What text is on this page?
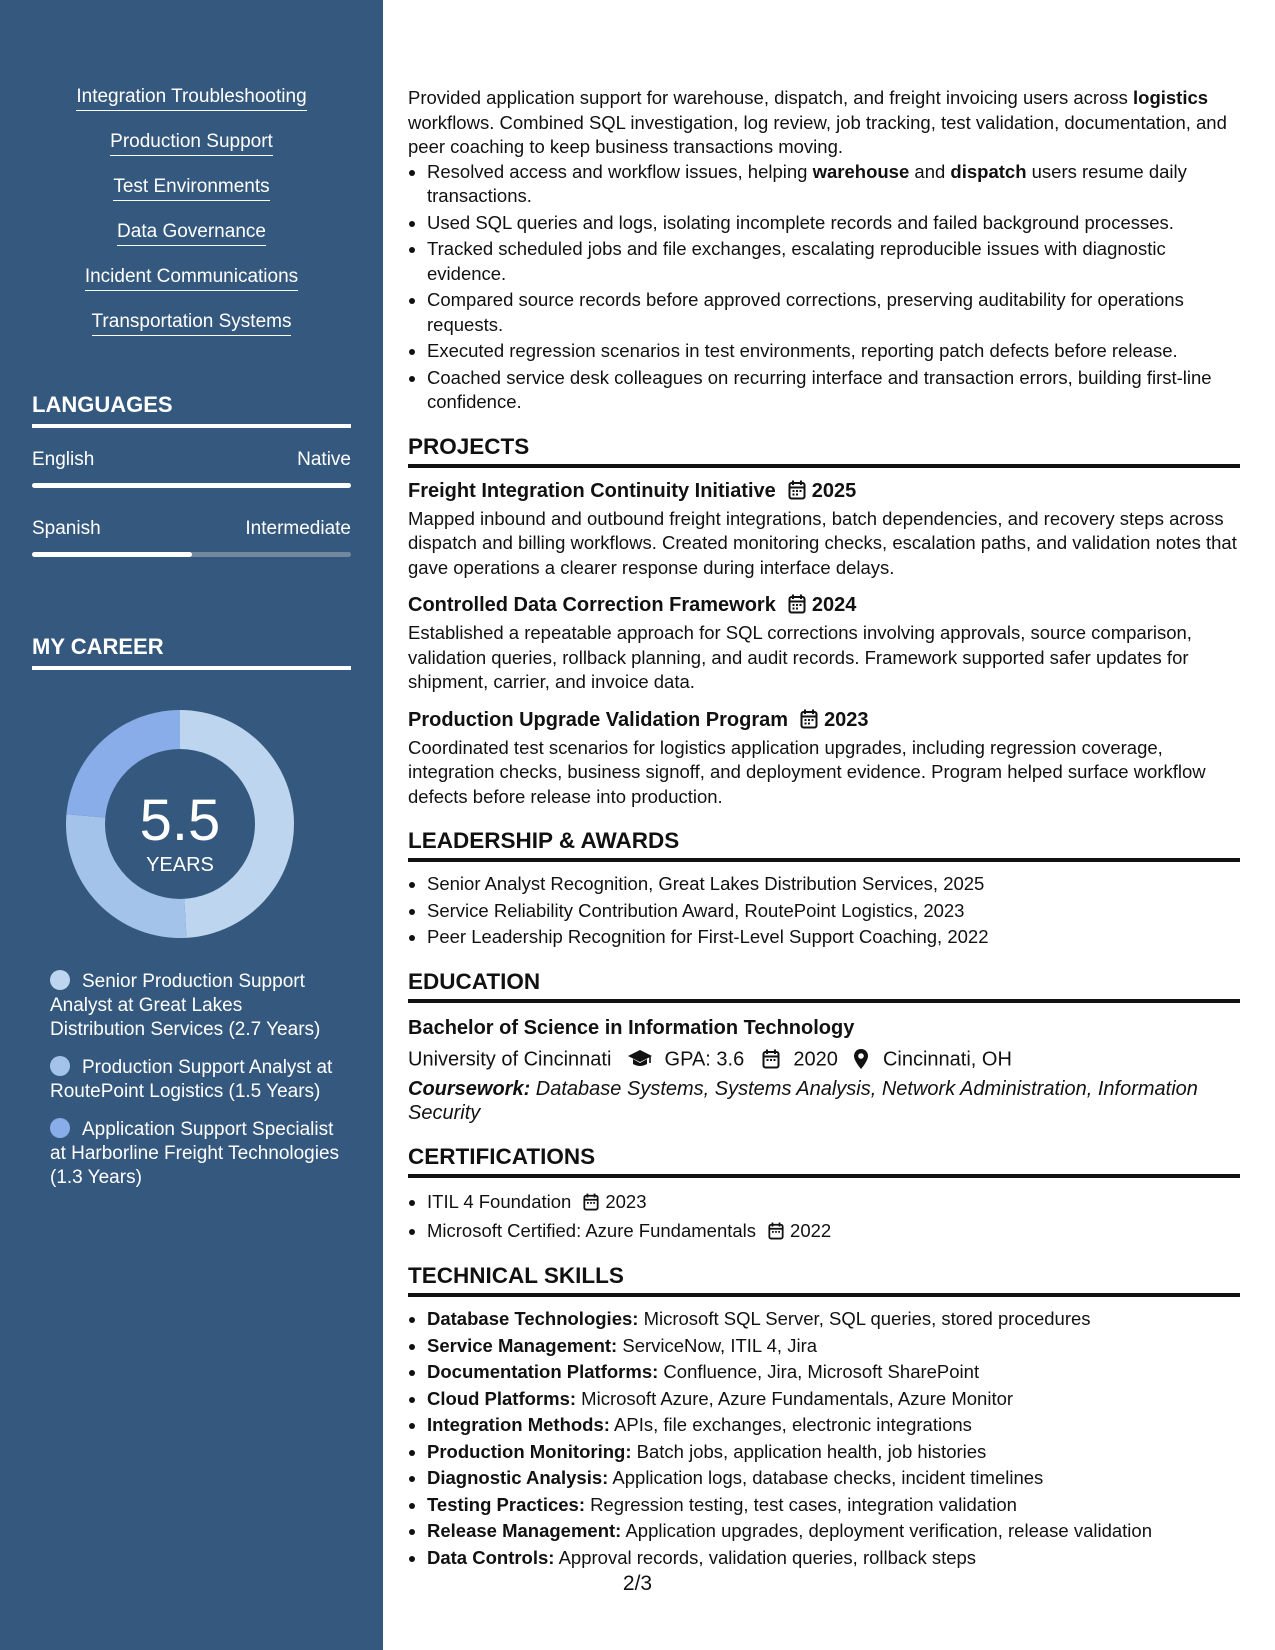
Integration Troubleshooting
Production Support
Test Environments
Data Governance
Incident Communications
Transportation Systems
LANGUAGES
English	Native
Spanish	Intermediate
MY CAREER
5.5
YEARS
Senior Production Support Analyst at Great Lakes Distribution Services (2.7 Years)
Production Support Analyst at RoutePoint Logistics (1.5 Years)
Application Support Specialist at Harborline Freight Technologies (1.3 Years)

Provided application support for warehouse, dispatch, and freight invoicing users across logistics workflows. Combined SQL investigation, log review, job tracking, test validation, documentation, and peer coaching to keep business transactions moving.

• Resolved access and workflow issues, helping warehouse and dispatch users resume daily transactions.
• Used SQL queries and logs, isolating incomplete records and failed background processes.
• Tracked scheduled jobs and file exchanges, escalating reproducible issues with diagnostic evidence.
• Compared source records before approved corrections, preserving auditability for operations requests.
• Executed regression scenarios in test environments, reporting patch defects before release.
• Coached service desk colleagues on recurring interface and transaction errors, building first-line confidence.
PROJECTS
Freight Integration Continuity Initiative 2025

Mapped inbound and outbound freight integrations, batch dependencies, and recovery steps across dispatch and billing workflows. Created monitoring checks, escalation paths, and validation notes that gave operations a clearer response during interface delays.

Controlled Data Correction Framework 2024

Established a repeatable approach for SQL corrections involving approvals, source comparison, validation queries, rollback planning, and audit records. Framework supported safer updates for shipment, carrier, and invoice data.

Production Upgrade Validation Program 2023

Coordinated test scenarios for logistics application upgrades, including regression coverage, integration checks, business signoff, and deployment evidence. Program helped surface workflow defects before release into production.

LEADERSHIP & AWARDS
• Senior Analyst Recognition, Great Lakes Distribution Services, 2025
• Service Reliability Contribution Award, RoutePoint Logistics, 2023
• Peer Leadership Recognition for First-Level Support Coaching, 2022
EDUCATION
Bachelor of Science in Information Technology
University of Cincinnati	GPA: 3.6 2020 Cincinnati, OH
Coursework: Database Systems, Systems Analysis, Network Administration, Information Security
CERTIFICATIONS
• ITIL 4 Foundation 2023
• Microsoft Certified: Azure Fundamentals 2022
TECHNICAL SKILLS
• Database Technologies: Microsoft SQL Server, SQL queries, stored procedures
• Service Management: ServiceNow, ITIL 4, Jira
• Documentation Platforms: Confluence, Jira, Microsoft SharePoint
• Cloud Platforms: Microsoft Azure, Azure Fundamentals, Azure Monitor
• Integration Methods: APIs, file exchanges, electronic integrations
• Production Monitoring: Batch jobs, application health, job histories
• Diagnostic Analysis: Application logs, database checks, incident timelines
• Testing Practices: Regression testing, test cases, integration validation
• Release Management: Application upgrades, deployment verification, release validation
• Data Controls: Approval records, validation queries, rollback steps
2/3
